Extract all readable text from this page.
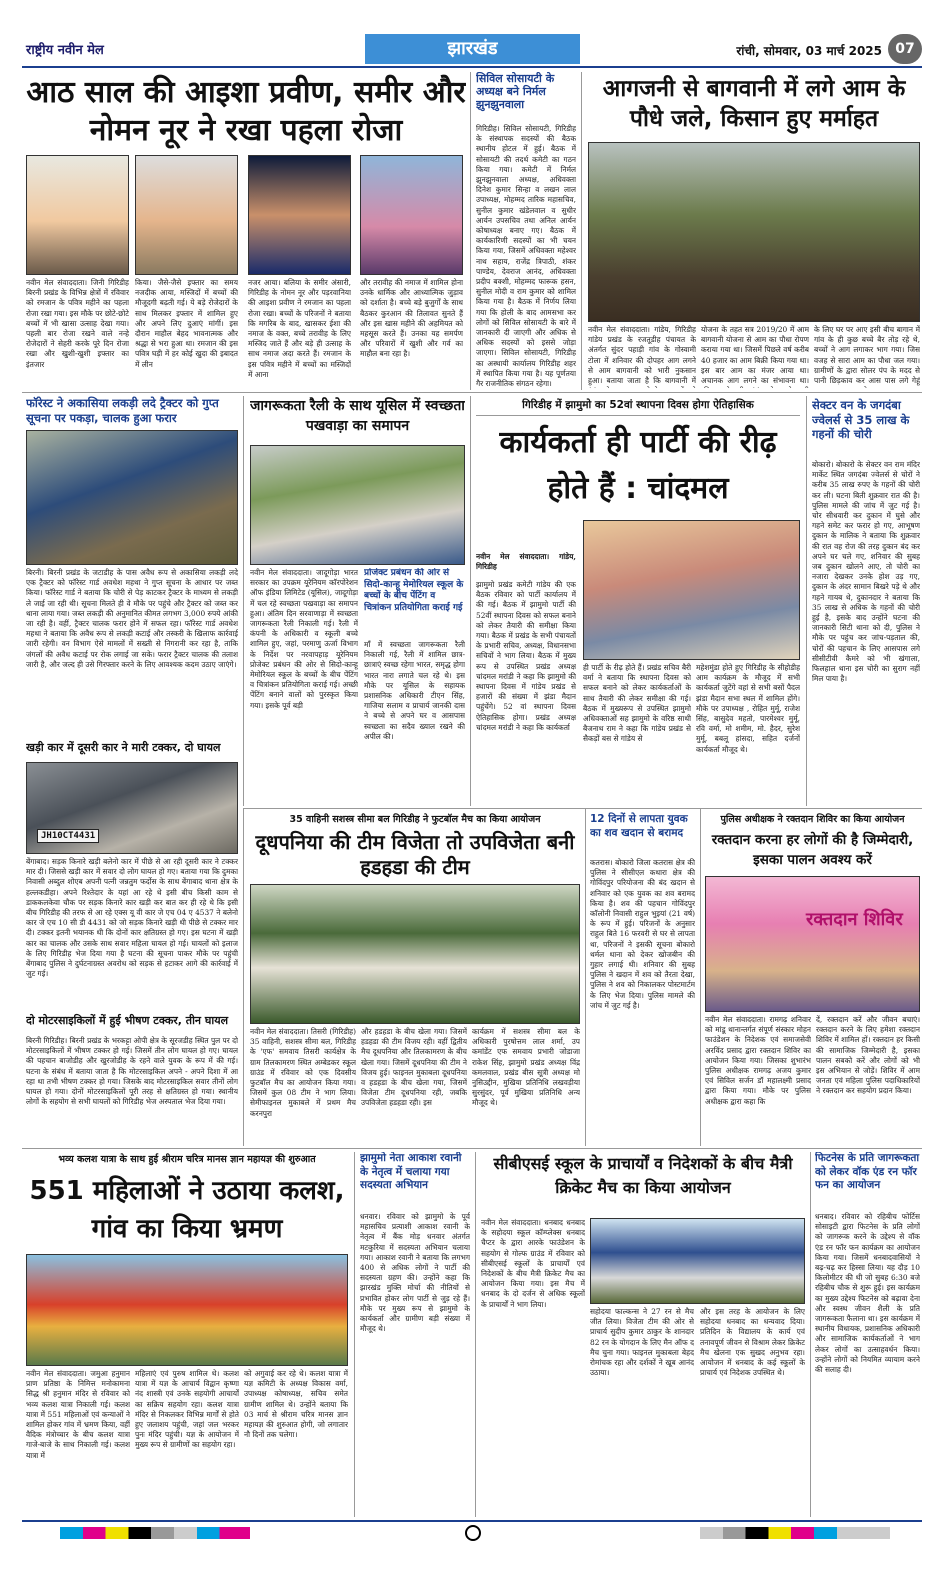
राष्ट्रीय नवीन मेल	झारखंड	रांची, सोमवार, 03 मार्च 2025 07
आठ साल की आइशा प्रवीण, समीर और नोमन नूर ने रखा पहला रोजा
नवीन मेल संवाददाता। जिनी गिरिडीह बिरनी प्रखंड के विभिन्न क्षेत्रों में रविवार को रमजान के पवित्र महीने का पहला रोजा रखा गया। इस मौके पर छोटे-छोटे बच्चों में भी खासा उत्साह देखा गया। पहली बार रोजा रखने वाले नन्हे रोजेदारों ने सेहरी करके पूरे दिन रोजा रखा और खुशी-खुशी इफ्तार का इंतजार
किया। जैसे-जैसे इफ्तार का समय नजदीक आया, मस्जिदों में बच्चों की मौजूदगी बढ़ती गई। ये बड़े रोजेदारों के साथ मिलकर इफ्तार में शामिल हुए और अपने लिए दुआएं मांगीं। इस दौरान माहौल बेहद भावनात्मक और श्रद्धा से भरा हुआ था। रमजान की इस पवित्र घड़ी में हर कोई खुदा की इबादत में लीन
नजर आया। बलिया के समीर अंसारी, गिरिडीह के नोमन नूर और पड़रवानिया की आइशा प्रवीण ने रमजान का पहला रोजा रखा। बच्चों के परिजनों ने बताया कि मगरिब के बाद, खासकर ईशा की नमाज के वक्त, बच्चे तरावीह के लिए मस्जिद जाते हैं और बड़े ही उत्साह के साथ नमाज अदा करते हैं। रमजान के इस पवित्र महीने में बच्चों का मस्जिदों में आना
और तरावीह की नमाज में शामिल होना उनके धार्मिक और आध्यात्मिक जुड़ाव को दर्शाता है। बच्चे बड़े बुजुर्गों के साथ बैठकर कुरआन की तिलावत सुनते हैं और इस खास महीने की अहमियत को महसूस करते हैं। उनका यह समर्पण और परिवारों में खुशी और गर्व का माहौल बना रहा है।
सिविल सोसायटी के अध्यक्ष बने निर्मल झुनझुनवाला
गिरिडीह। सिविल सोसायटी, गिरिडीह के संस्थापक सदस्यों की बैठक स्थानीय होटल में हुई। बैठक में सोसायटी की तदर्थ कमेटी का गठन किया गया। कमेटी में निर्मल झुनझुनवाला अध्यक्ष, अधिवक्ता दिनेश कुमार सिन्हा व लखन लाल उपाध्यक्ष, मोहम्मद तारिक महासचिव, सुनील कुमार खंडेलवाल व सुधीर आर्यन उपसचिव तथा अनिल आर्यन कोषाध्यक्ष बनाए गए। बैठक में कार्यकारिणी सदस्यों का भी चयन किया गया, जिसमें अधिवक्ता महेश्वर नाथ सहाय, राजेंद्र त्रिपाठी, शंकर पाण्डेय, देवराज आनंद, अधिवक्ता प्रदीप बक्शी, मोहम्मद फारूक हसन, सुनील मोदी व राम कुमार को शामिल किया गया है। बैठक में निर्णय लिया गया कि होली के बाद आमसभा कर लोगों को सिविल सोसायटी के बारे में जानकारी दी जाएगी और अधिक से अधिक सदस्यों को इससे जोड़ा जाएगा। सिविल सोसायटी, गिरिडीह का अस्थायी कार्यालय गिरिडीह शहर में स्थापित किया गया है। यह पूर्णतया गैर राजनीतिक संगठन रहेगा।
आगजनी से बागवानी में लगे आम के पौधे जले, किसान हुए मर्माहत
नवीन मेल संवाददाता। गांडेय, गिरिडीह गांडेय प्रखंड के रजतूडीह पंचायत के अंतर्गत सुंदर पहाड़ी गांव के गोस्वामी टोला में शनिवार की दोपहर आग लगने से आम बागवानी को भारी नुकसान हुआ। बताया जाता है कि बागवानी में
योजना के तहत सत्र 2019/20 में आम बागवानी योजना से आम का पौधा रोपण कराया गया था। जिसमें पिछले वर्ष करीब 40 हजार का आम बिक्री किया गया था। इस बार आम का मंजर आया था। अचानक आग लगने का संभावना था।
के लिए घर पर आए इसी बीच बागान में गांव के ही कुछ बच्चे बैर तोड़ रहे थे, बच्चों ने आग लगाकर भाग गया। जिस वजह से सारा आम का पौधा जल गया। ग्रामीणों के द्वारा सोलर पंप के मदद से पानी छिड़काव कर आस पास लगे गेहूं
फॉरेस्ट ने अकासिया लकड़ी लदे ट्रैक्टर को गुप्त सूचना पर पकड़ा, चालक हुआ फरार
बिरनी। बिरनी प्रखंड के जटाडीह के पास अवैध रूप से अकासिया लकड़ी लदे एक ट्रैक्टर को फॉरेस्ट गार्ड अवधेश महथा ने गुप्त सूचना के आधार पर जब्त किया। फॉरेस्ट गार्ड ने बताया कि चोरी से पेड़ काटकर ट्रैक्टर के माध्यम से लकड़ी ले जाई जा रही थी। सूचना मिलते ही वे मौके पर पहुंचे और ट्रैक्टर को जब्त कर थाना लाया गया। जब्त लकड़ी की अनुमानित कीमत लगभग 3,000 रुपये आंकी जा रही है। वहीं, ट्रैक्टर चालक फरार होने में सफल रहा। फॉरेस्ट गार्ड अवधेश महथा ने बताया कि अवैध रूप से लकड़ी कटाई और तस्करी के खिलाफ कार्रवाई जारी रहेगी। वन विभाग ऐसे मामलों में सख्ती से निगरानी कर रहा है, ताकि जंगलों की अवैध कटाई पर रोक लगाई जा सके। फरार ट्रैक्टर चालक की तलाश जारी है, और जल्द ही उसे गिरफ्तार करने के लिए आवश्यक कदम उठाए जाएंगे।
जागरूकता रैली के साथ यूसिल में स्वच्छता पखवाड़ा का समापन
नवीन मेल संवाददाता। जादूगोड़ा भारत सरकार का उपक्रम यूरेनियम कॉरपोरेशन ऑफ इंडिया लिमिटेड (यूसिल), जादूगोड़ा में चल रहे स्वच्छता पखवाड़ा का समापन हुआ। अंतिम दिन सरवाणाड़ा में स्वच्छता जागरूकता रैली निकाली गई। रैली में कंपनी के अधिकारी व स्कूली बच्चे शामिल हुए, जहां, परमाणु ऊर्जा विभाग के निर्देश पर नरवापहाड़ यूरेनियम प्रोजेक्ट प्रबंधन की ओर से सिदो-कान्हू मेमोरियल स्कूल के बच्चों के बीच पेंटिंग व चित्रांकन प्रतियोगिता कराई गई। अच्छी पेंटिंग बनाने वालों को पुरस्कृत किया गया। इसके पूर्व बड़ी
प्रोजेक्ट प्रबंधन की ओर से सिदो-कान्हू मेमोरियल स्कूल के बच्चों के बीच पेंटिंग व चित्रांकन प्रतियोगिता कराई गई
माँ में स्वच्छता जागरूकता रैली निकाली गई, रैली में शामिल छात्र-छात्राएं स्वच्छ रहेगा भारत, समृद्ध होगा भारत नारा लगाते चल रहे थे। इस मौके पर यूसिल के सहायक प्रशासनिक अधिकारी टीएन सिंह, गाजिया सलाम व प्राचार्य जानकी दास ने बच्चे से अपने घर व आसपास स्वच्छता का सदैव ख्याल रखने की अपील की।
गिरिडीह में झामुमो का 52वां स्थापना दिवस होगा ऐतिहासिक
कार्यकर्ता ही पार्टी की रीढ़ होते हैं : चांदमल
नवीन मेल संवाददाता। गांडेय, गिरिडीह
झामुमो प्रखंड कमेटी गांडेय की एक बैठक रविवार को पार्टी कार्यालय में की गई। बैठक में झामुमो पार्टी की 52वीं स्थापना दिवस को सफल बनाने को लेकर तैयारी की समीक्षा किया गया। बैठक में प्रखंड के सभी पंचायतों के प्रभारी सचिव, अध्यक्ष, विधानसभा सचिवों ने भाग लिया। बैठक में मुख्य रूप से उपस्थित प्रखंड अध्यक्ष चांदमल मरांडी ने कहा कि झामुमो की स्थापना दिवस में गांडेय प्रखंड से हजारों की संख्या में झंडा मैदान पहुंचेंगे। 52 वां स्थापना दिवस ऐतिहासिक होगा। प्रखंड अध्यक्ष चांदमल मरांडी ने कहा कि कार्यकर्ता
ही पार्टी के रीढ़ होते हैं। प्रखंड सचिव बैरी वर्मा ने बताया कि स्थापना दिवस को सफल बनाने को लेकर कार्यकर्ताओं के साथ तैयारी की लेकर समीक्षा की गई। बैठक में मुख्यरूप से उपस्थित झामुमो अधिवक्ताओं सह झामुमो के वरिष्ठ साथी बैजनाथ राम ने कहा कि गांडेय प्रखंड से सैकड़ों बस से गांडेय से
महेशमुंडा होते हुए गिरिडीह के सीहोडीह आम कार्यक्रम के मौजूद में सभी कार्यकर्ता जुटेंगे वहां से सभी बसों पैदल झंडा मैदान सभा स्थल में शामिल होंगे। मौके पर उपाध्यक्ष , रोहित मुर्मू, राजेश सिंह, बासुदेव महतो, पारमेश्वर मुर्मू, रवि वर्मा, मो शमीम, मो. हैदर, सुरेश मुर्मू, बबलू हांसदा, सहित दर्जनों कार्यकर्ता मौजूद थे।
सेक्टर वन के जगदंबा ज्वेलर्स से 35 लाख के गहनों की चोरी
बोकारो। बोकारो के सेक्टर वन राम मंदिर मार्केट स्थित जगदंबा ज्वेलर्स से चोरों ने करीब 35 लाख रुपए के गहनों की चोरी कर ली। घटना बिती शुक्रवार रात की है। पुलिस मामले की जांच में जुट गई है। चोर सीधवारी कर दुकान में घुसे और गहने समेट कर फरार हो गए, आभूषण दुकान के मालिक ने बताया कि शुक्रवार की रात वह रोज की तरह दुकान बंद कर अपने घर चले गए, शनिवार की सुबह जब दुकान खोलने आए, तो चोरी का नजारा देखकर उनके होश उड़ गए, दुकान के अंदर सामान बिखरे पड़े थे और गहने गायब थे, दुकानदार ने बताया कि 35 लाख से अधिक के गहनों की चोरी हुई है, इसके बाद उन्होंने घटना की जानकारी सिटी थाना को दी, पुलिस ने मौके पर पहुंच कर जांच-पड़ताल की, चोरों की पहचान के लिए आसपास लगे सीसीटीवी कैमरे को भी खंगाला, फिलहाल थाना इस चोरी का सुराग नहीं मिल पाया है।
खड़ी कार में दूसरी कार ने मारी टक्कर, दो घायल
JH10CT4431
बेंगाबाद। सड़क किनारे खड़ी बलेनो कार में पीछे से आ रही दूसरी कार ने टक्कर मार दी। जिससे खड़ी कार में सवार दो लोग घायल हो गए। बताया गया कि दुमका निवासी अब्दुल शोएब अपनी पत्नी जन्नतुम फर्दोस के साथ बेंगाबाद थाना क्षेत्र के हल्लकडीहा। अपने रिश्तेदार के यहां आ रहे थे इसी बीच किसी काम से डाककलकेवा चौक पर सड़क किनारे कार खड़ी कर बात कर ही रहे थे कि इसी बीच गिरिडीह की तरफ से आ रहे एक्स यू वी कार जे एच 04 ए 4537 ने बलेनो कार जे एच 10 सी डी 4431 को जो सड़क किनारे खड़ी थी पीछे से टक्कर मार दी। टक्कर इतनी भयानक थी कि दोनों कार क्षतिग्रस्त हो गए। इस घटना में खड़ी कार का चालक और उसके साथ सवार महिला घायल हो गई। घायलों को इलाज के लिए गिरिडीह भेज दिया गया है घटना की सूचना पाकर मौके पर पहुंची बेंगाबाद पुलिस ने दुर्घटनाग्रस्त अवरोध को सड़क से हटाकर आगे की कार्रवाई में जुट गई।
दो मोटरसाइकिलों में हुई भीषण टक्कर, तीन घायल
बिरनी गिरिडीह। बिरनी प्रखंड के भरकट्टा ओपी क्षेत्र के सूरजडीह स्थित पुल पर दो मोटरसाइकिलों में भीषण टक्कर हो गई। जिसमें तीन लोग घायल हो गए। घायल की पहचान बाजोडीह और खुरजोडीह के रहने वाले युवक के रूप में की गई। घटना के संबंध में बताया जाता है कि मोटरसाइकिल अपने - अपने दिशा में आ रहा था तभी भीषण टक्कर हो गया। जिसके बाद मोटरसाइकिल सवार तीनों लोग घायल हो गया। दोनों मोटरसाइकिलों पूरी तरह से क्षतिग्रस्त हो गया। स्थानीय लोगों के सहयोग से सभी घायलों को गिरिडीह भेज अस्पताल भेज दिया गया।
35 वाहिनी सशस्त्र सीमा बल गिरिडीह ने फुटबॉल मैच का किया आयोजन
दूधपनिया की टीम विजेता तो उपविजेता बनी हडहडा की टीम
नवीन मेल संवाददाता। तिसरी (गिरिडीह) 35 वाहिनी, सशस्त्र सीमा बल, गिरिडीह के 'एफ' समवाय तिसरी कार्यक्षेत्र के ग्राम तिलकामरण स्थित अम्बेडकर स्कूल ग्राउंड में रविवार को एक दिवसीय फुटबॉल मैच का आयोजन किया गया। जिसमें कुल 08 टीम ने भाग लिया। सेमीफाइनल मुकाबले में प्रथम मैच करनपुरा
और हडहडा के बीच खेला गया। जिसमें हडहडा की टीम विजय रही। वहीं द्वितीय मैच दूधपनिया और तिलकामरण के बीच खेला गया। जिसमें दूधपनिया की टीम ने विजय हुई। फाइनल मुकाबला दूधपनिया व हडहडा के बीच खेला गया, जिसमें विजेता टीम दूधपनिया रही, जबकि उपविजेता हडहडा रही। इस
कार्यक्रम में सशस्त्र सीमा बल के अधिकारी पुरषोत्तम लाल शर्मा, उप कमांडेंट एफ समवाय प्रभारी जोडाजा राकेश सिंह, झामुमो प्रखंड अध्यक्ष विंद्र कमलवाल, प्रखंड बीस सूत्री अध्यक्ष मो नुसिउद्दीन, मुखिया प्रतिनिधि लखवड़ीया सुरसुंदर, पूर्व मुखिया प्रतिनिधि अन्य मौजूद थे।
12 दिनों से लापता युवक का शव खदान से बरामद
कतरास। बोकारो जिला कतरास क्षेत्र की पुलिस ने सीसीएल कथारा क्षेत्र की गोविंदपुर परियोजना की बंद खदान से शनिवार को एक युवक का शव बरामद किया है। शव की पहचान गोविंदपुर कॉलोनी निवासी राहुल भुइयां (21 वर्ष) के रूप में हुई। परिजनों के अनुसार राहुल बिते 16 फरवरी से घर से लापता था, परिजनों ने इसकी सूचना बोकारो थर्मल थाना को देकर खोजबीन की गुहार लगाई थी। शनिवार की सुबह पुलिस ने खदान में शव को तैरता देखा, पुलिस ने शव को निकालकर पोस्टमार्टम के लिए भेज दिया। पुलिस मामले की जांच में जुट गई है।
पुलिस अधीक्षक ने रक्तदान शिविर का किया आयोजन
रक्तदान करना हर लोगों की है जिम्मेदारी, इसका पालन अवश्य करें
रक्तदान शिविर
नवीन मेल संवाददाता। रामगढ़ शनिवार को मांडू थानान्तर्गत संपूर्ण संस्कार मोहन फाउंडेशन के निदेशक एवं समाजसेवी अरविंद प्रसाद द्वारा रक्तदान शिविर का आयोजन किया गया। जिसका शुभारंभ पुलिस अधीक्षक रामगढ़ अजय कुमार एवं सिविल सर्जन डॉ महालक्ष्मी प्रसाद द्वारा किया गया। मौके पर पुलिस अधीक्षक द्वारा कहा कि
दें, रक्तदान करें और जीवन बचाएं। रक्तदान करने के लिए हमेशा रक्तदान शिविर में शामिल हों। रक्तदान हर किसी की सामाजिक जिम्मेदारी है, इसका पालन सबको करें और लोगों को भी इस अभियान से जोड़ें। शिविर में आम जनता एवं महिला पुलिस पदाधिकारियों ने रक्तदान कर सहयोग प्रदान किया।
भव्य कलश यात्रा के साथ हुई श्रीराम चरित्र मानस ज्ञान महायज्ञ की शुरुआत
551 महिलाओं ने उठाया कलश, गांव का किया भ्रमण
नवीन मेल संवाददाता। जमुआ हनुमान प्राण प्रतिष्ठा के निमित्त मनोकामना सिद्ध श्री हनुमान मंदिर से रविवार को भव्य कलश यात्रा निकाली गई। कलश यात्रा में 551 महिलाओं एवं कन्याओं ने शामिल होकर गांव में भ्रमण किया, वहीं वैदिक मंत्रोच्चार के बीच कलश यात्रा गाजे-बाजे के साथ निकाली गई। कलश यात्रा में
महिलाएं एवं पुरुष शामिल थे। कलश यात्रा में यज्ञ के आचार्य विद्वान कृष्णा नंद शास्त्री एवं उनके सहयोगी आचार्यों का सक्रिय सहयोग रहा। कलश यात्रा मंदिर से निकलकर विभिन्न मार्गों से होते हुए जलाशय पहुंची, जहां जल भरकर पुनः मंदिर पहुंची। यज्ञ के आयोजन में मुख्य रूप से ग्रामीणों का सहयोग रहा।
को अगुवाई कर रहे थे। कलश यात्रा में यज्ञ कमिटी के अध्यक्ष विकास वर्मा, उपाध्यक्ष कोषाध्यक्ष, सचिव समेत ग्रामीण शामिल थे। उन्होंने बताया कि 03 मार्च से श्रीराम चरित्र मानस ज्ञान महायज्ञ की शुरुआत होगी, जो लगातार नौ दिनों तक चलेगा।
झामुमो नेता आकाश रवानी के नेतृत्व में चलाया गया सदस्यता अभियान
धनवार। रविवार को झामुमो के पूर्व महासचिव प्रत्याशी आकाश रवानी के नेतृत्व में बैंक मोड़ धनवार अंतर्गत मटकुरिया में सदस्यता अभियान चलाया गया। आकाश रवानी ने बताया कि लगभग 400 से अधिक लोगों ने पार्टी की सदस्यता ग्रहण की। उन्होंने कहा कि झारखंड मुक्ति मोर्चा की नीतियों से प्रभावित होकर लोग पार्टी से जुड़ रहे हैं। मौके पर मुख्य रूप से झामुमो के कार्यकर्ता और ग्रामीण बड़ी संख्या में मौजूद थे।
सीबीएसई स्कूल के प्राचार्यों व निदेशकों के बीच मैत्री क्रिकेट मैच का किया आयोजन
नवीन मेल संवाददाता। धनबाद धनबाद के सहोदया स्कूल कॉम्प्लेक्स धनबाद चैप्टर के द्वारा आरके फाउंडेशन के सहयोग से गोल्फ ग्राउंड में रविवार को सीबीएसई स्कूलों के प्राचार्यों एवं निदेशकों के बीच मैत्री क्रिकेट मैच का आयोजन किया गया। इस मैच में धनबाद के दो दर्जन से अधिक स्कूलों के प्राचार्यों ने भाग लिया।
सहोदया फाल्कन्स ने 27 रन से मैच जीत लिया। विजेता टीम की ओर से प्राचार्य सुदीप कुमार ठाकुर के शानदार 82 रन के योगदान के लिए मैन ऑफ द मैच चुना गया। फाइनल मुकाबला बेहद रोमांचक रहा और दर्शकों ने खूब आनंद उठाया।
और इस तरह के आयोजन के लिए सहोदया धनबाद का धन्यवाद दिया। प्रतिदिन के विद्यालय के कार्य एवं तनावपूर्ण जीवन से विश्राम लेकर क्रिकेट मैच खेलना एक सुखद अनुभव रहा। आयोजन में धनबाद के कई स्कूलों के प्राचार्य एवं निदेशक उपस्थित थे।
फिटनेस के प्रति जागरूकता को लेकर वॉक एंड रन फॉर फन का आयोजन
धनबाद। रविवार को रहिबीच फोर्टिस सोसाइटी द्वारा फिटनेस के प्रति लोगों को जागरूक करने के उद्देश्य से वॉक एंड रन फॉर फन कार्यक्रम का आयोजन किया गया। जिसमें धनबादवासियों ने बढ़-चढ़ कर हिस्सा लिया। यह दौड़ 10 किलोमीटर की थी जो सुबह 6:30 बजे रहिबीच चौक से शुरू हुई। इस कार्यक्रम का मुख्य उद्देश्य फिटनेस को बढ़ावा देना और स्वस्थ जीवन शैली के प्रति जागरूकता फैलाना था। इस कार्यक्रम में स्थानीय विधायक, प्रशासनिक अधिकारी और सामाजिक कार्यकर्ताओं ने भाग लेकर लोगों का उत्साहवर्धन किया। उन्होंने लोगों को नियमित व्यायाम करने की सलाह दी।
